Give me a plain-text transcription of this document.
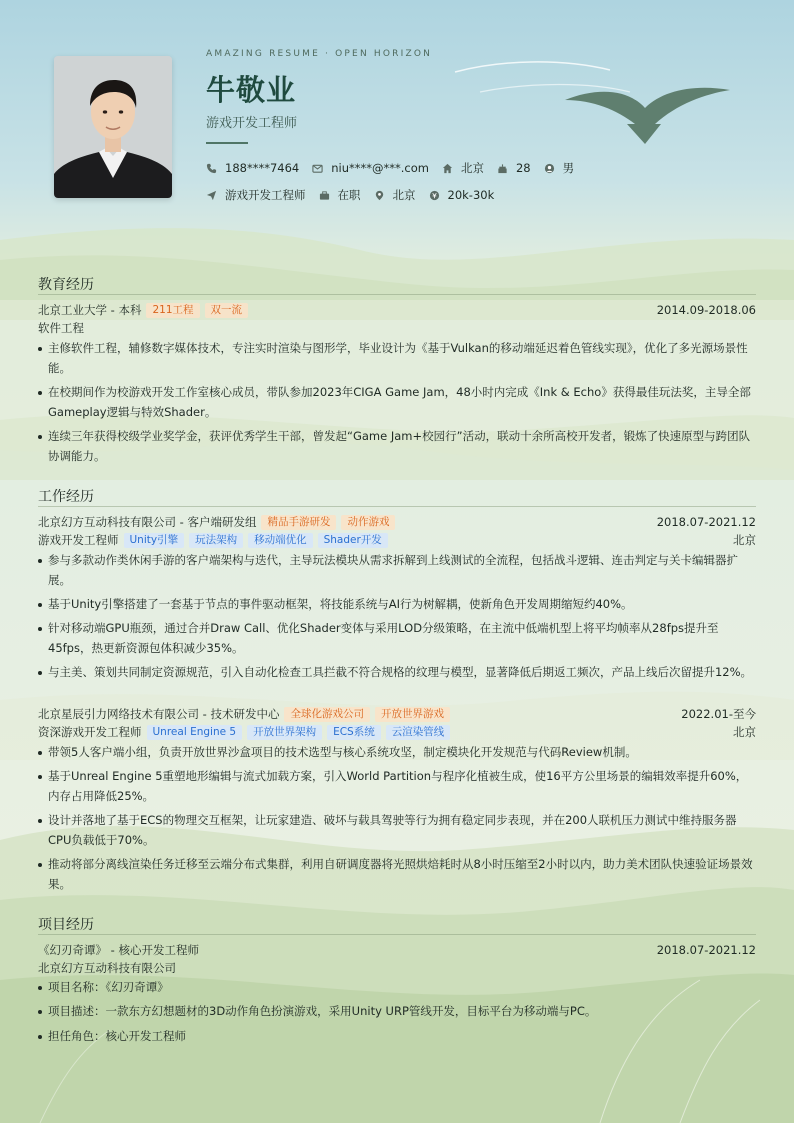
AMAZING RESUME · OPEN HORIZON
牛敬业
游戏开发工程师
188****7464	niu****@***.com	北京	28	男
游戏开发工程师	在职	北京	20k-30k
教育经历
北京工业大学 - 本科	211工程	双一流	2014.09-2018.06
软件工程
主修软件工程，辅修数字媒体技术，专注实时渲染与图形学，毕业设计为《基于Vulkan的移动端延迟着色管线实现》，优化了多光源场景性能。
在校期间作为校游戏开发工作室核心成员，带队参加2023年CIGA Game Jam，48小时内完成《Ink & Echo》获得最佳玩法奖，主导全部Gameplay逻辑与特效Shader。
连续三年获得校级学业奖学金，获评优秀学生干部，曾发起“Game Jam+校园行”活动，联动十余所高校开发者，锻炼了快速原型与跨团队协调能力。
工作经历
北京幻方互动科技有限公司 - 客户端研发组	精品手游研发	动作游戏	2018.07-2021.12
游戏开发工程师	Unity引擎	玩法架构	移动端优化	Shader开发	北京
参与多款动作类休闲手游的客户端架构与迭代，主导玩法模块从需求拆解到上线测试的全流程，包括战斗逻辑、连击判定与关卡编辑器扩展。
基于Unity引擎搭建了一套基于节点的事件驱动框架，将技能系统与AI行为树解耦，使新角色开发周期缩短约40%。
针对移动端GPU瓶颈，通过合并Draw Call、优化Shader变体与采用LOD分级策略，在主流中低端机型上将平均帧率从28fps提升至45fps，热更新资源包体积减少35%。
与主美、策划共同制定资源规范，引入自动化检查工具拦截不符合规格的纹理与模型，显著降低后期返工频次，产品上线后次留提升12%。
北京星辰引力网络技术有限公司 - 技术研发中心	全球化游戏公司	开放世界游戏	2022.01-至今
资深游戏开发工程师	Unreal Engine 5	开放世界架构	ECS系统	云渲染管线	北京
带领5人客户端小组，负责开放世界沙盒项目的技术选型与核心系统攻坚，制定模块化开发规范与代码Review机制。
基于Unreal Engine 5重塑地形编辑与流式加载方案，引入World Partition与程序化植被生成，使16平方公里场景的编辑效率提升60%，内存占用降低25%。
设计并落地了基于ECS的物理交互框架，让玩家建造、破坏与载具驾驶等行为拥有稳定同步表现，并在200人联机压力测试中维持服务器CPU负载低于70%。
推动将部分离线渲染任务迁移至云端分布式集群，利用自研调度器将光照烘焙耗时从8小时压缩至2小时以内，助力美术团队快速验证场景效果。
项目经历
《幻刃奇谭》 - 核心开发工程师	2018.07-2021.12
北京幻方互动科技有限公司
项目名称：《幻刃奇谭》
项目描述：一款东方幻想题材的3D动作角色扮演游戏，采用Unity URP管线开发，目标平台为移动端与PC。
担任角色：核心开发工程师
